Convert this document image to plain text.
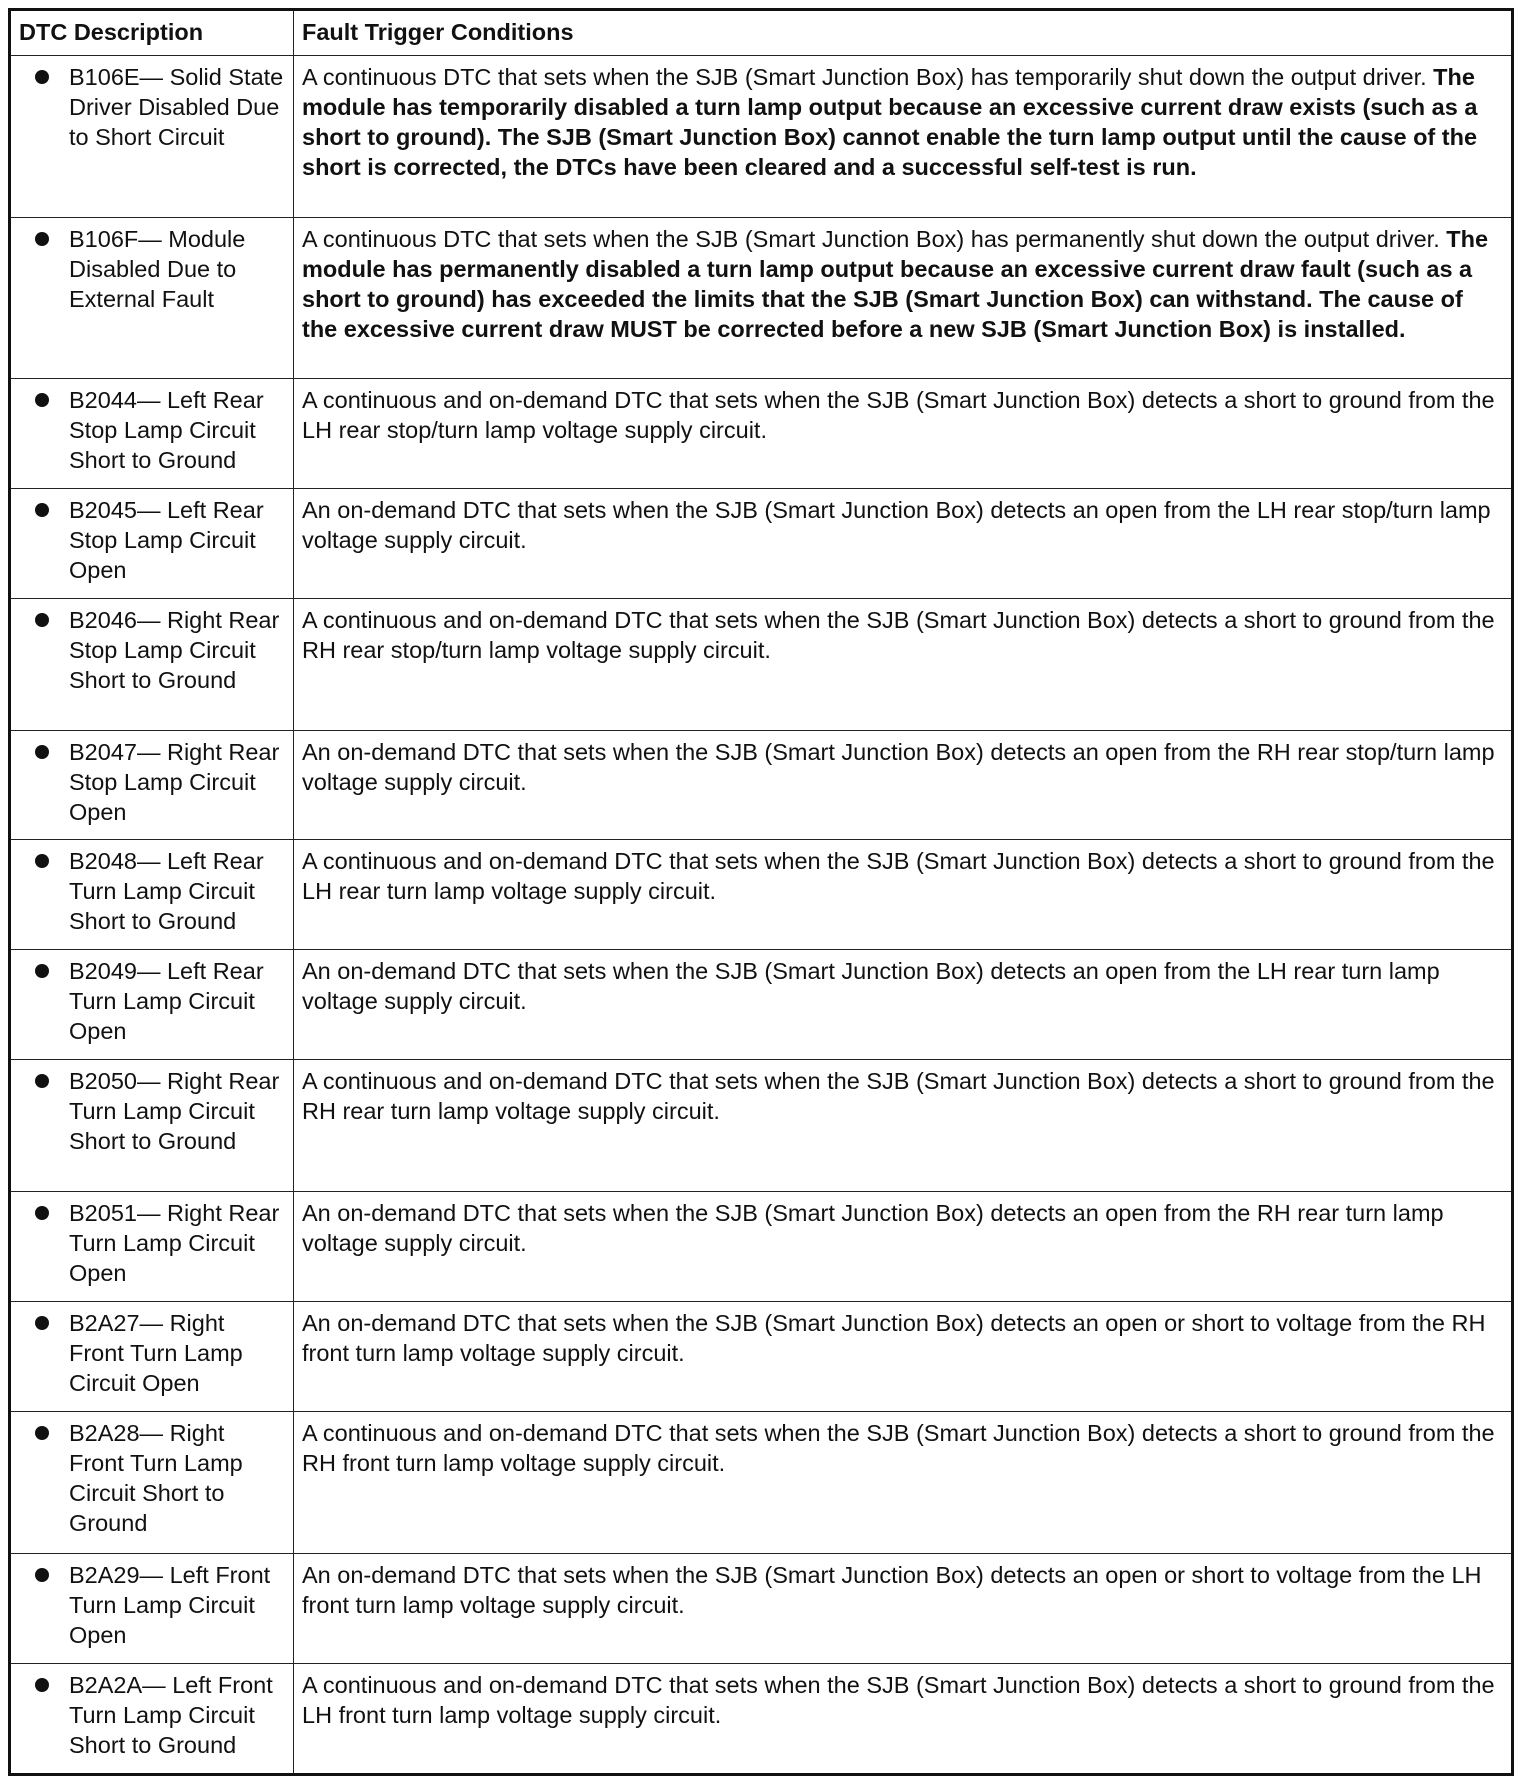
DTC Description	Fault Trigger Conditions

B106E— Solid State Driver Disabled Due to Short Circuit	A continuous DTC that sets when the SJB (Smart Junction Box) has temporarily shut down the output driver. The module has temporarily disabled a turn lamp output because an excessive current draw exists (such as a short to ground). The SJB (Smart Junction Box) cannot enable the turn lamp output until the cause of the short is corrected, the DTCs have been cleared and a successful self-test is run.

B106F— Module Disabled Due to External Fault	A continuous DTC that sets when the SJB (Smart Junction Box) has permanently shut down the output driver. The module has permanently disabled a turn lamp output because an excessive current draw fault (such as a short to ground) has exceeded the limits that the SJB (Smart Junction Box) can withstand. The cause of the excessive current draw MUST be corrected before a new SJB (Smart Junction Box) is installed.

B2044— Left Rear Stop Lamp Circuit Short to Ground	A continuous and on-demand DTC that sets when the SJB (Smart Junction Box) detects a short to ground from the LH rear stop/turn lamp voltage supply circuit.

B2045— Left Rear Stop Lamp Circuit Open	An on-demand DTC that sets when the SJB (Smart Junction Box) detects an open from the LH rear stop/turn lamp voltage supply circuit.

B2046— Right Rear Stop Lamp Circuit Short to Ground	A continuous and on-demand DTC that sets when the SJB (Smart Junction Box) detects a short to ground from the RH rear stop/turn lamp voltage supply circuit.

B2047— Right Rear Stop Lamp Circuit Open	An on-demand DTC that sets when the SJB (Smart Junction Box) detects an open from the RH rear stop/turn lamp voltage supply circuit.

B2048— Left Rear Turn Lamp Circuit Short to Ground	A continuous and on-demand DTC that sets when the SJB (Smart Junction Box) detects a short to ground from the LH rear turn lamp voltage supply circuit.

B2049— Left Rear Turn Lamp Circuit Open	An on-demand DTC that sets when the SJB (Smart Junction Box) detects an open from the LH rear turn lamp voltage supply circuit.

B2050— Right Rear Turn Lamp Circuit Short to Ground	A continuous and on-demand DTC that sets when the SJB (Smart Junction Box) detects a short to ground from the RH rear turn lamp voltage supply circuit.

B2051— Right Rear Turn Lamp Circuit Open	An on-demand DTC that sets when the SJB (Smart Junction Box) detects an open from the RH rear turn lamp voltage supply circuit.

B2A27— Right Front Turn Lamp Circuit Open	An on-demand DTC that sets when the SJB (Smart Junction Box) detects an open or short to voltage from the RH front turn lamp voltage supply circuit.

B2A28— Right Front Turn Lamp Circuit Short to Ground	A continuous and on-demand DTC that sets when the SJB (Smart Junction Box) detects a short to ground from the RH front turn lamp voltage supply circuit.

B2A29— Left Front Turn Lamp Circuit Open	An on-demand DTC that sets when the SJB (Smart Junction Box) detects an open or short to voltage from the LH front turn lamp voltage supply circuit.

B2A2A— Left Front Turn Lamp Circuit Short to Ground	A continuous and on-demand DTC that sets when the SJB (Smart Junction Box) detects a short to ground from the LH front turn lamp voltage supply circuit.
